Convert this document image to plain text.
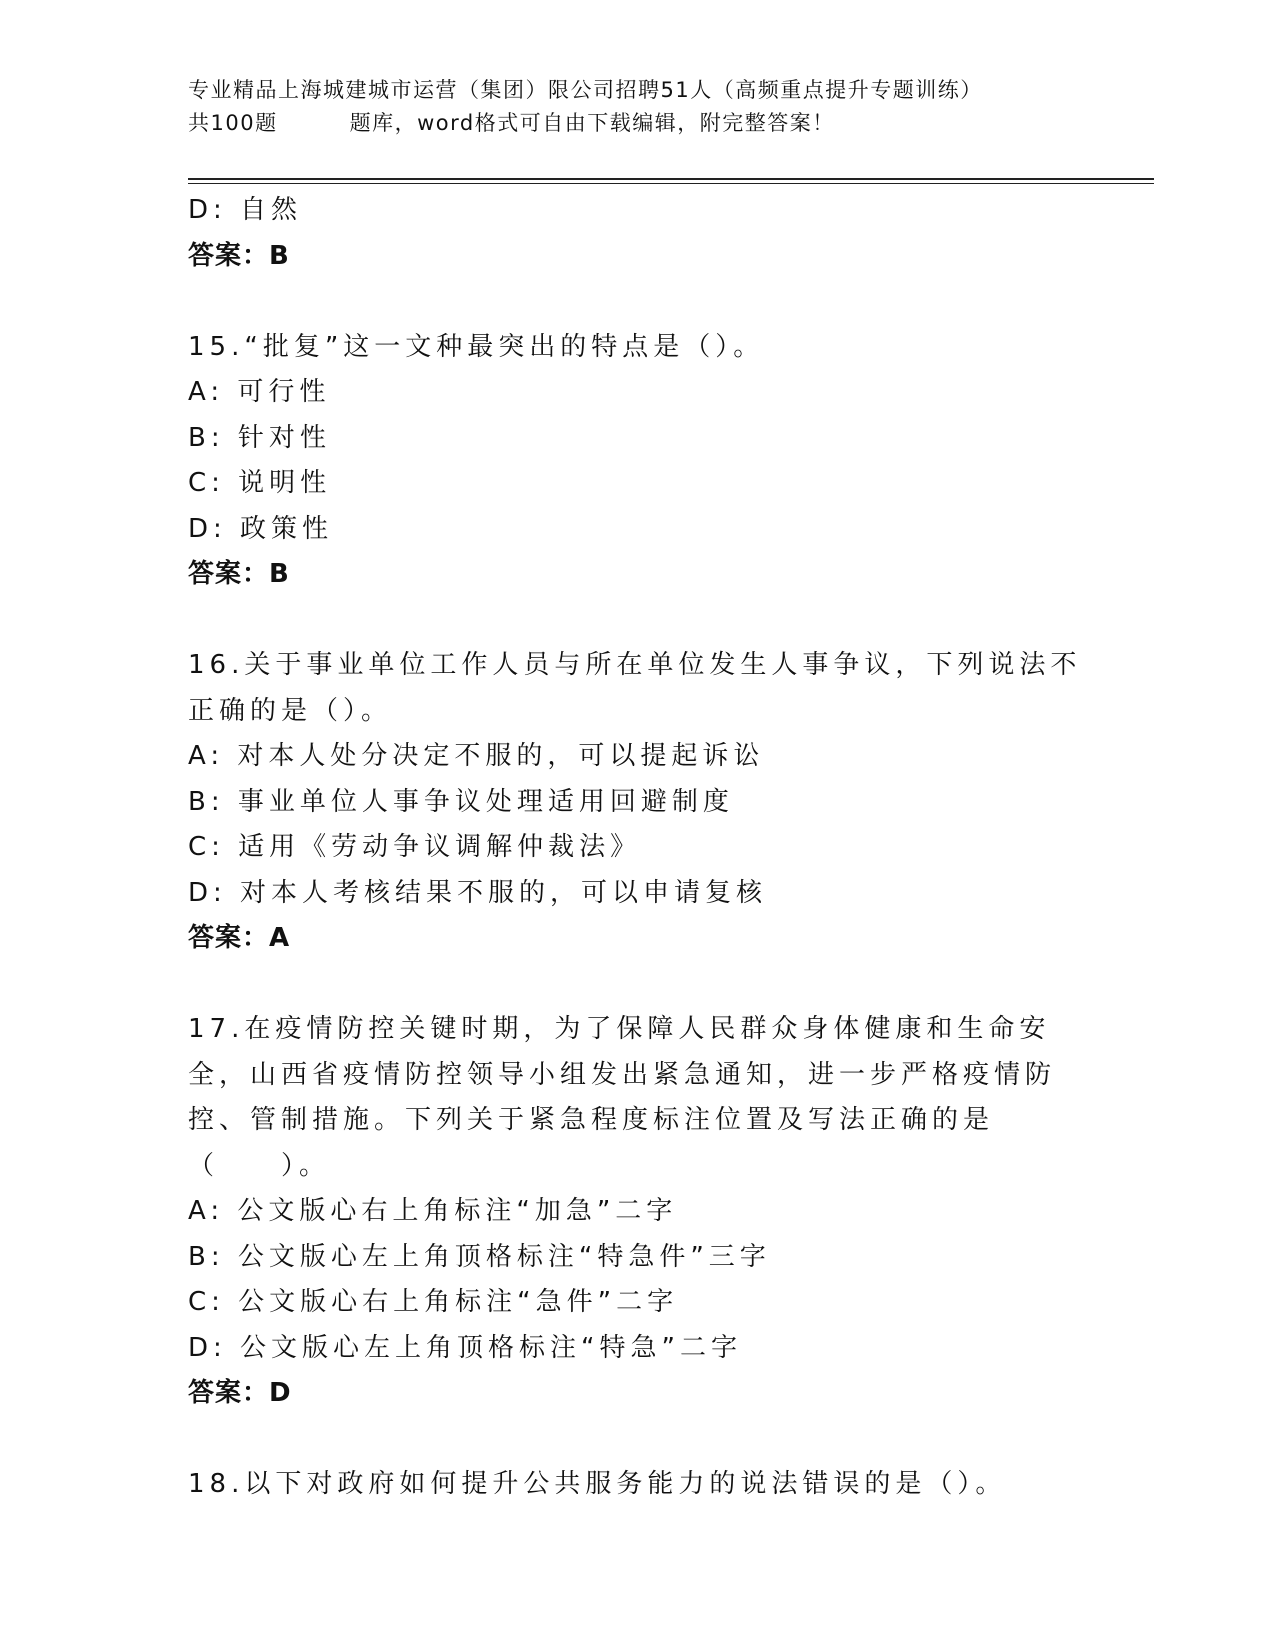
专业精品上海城建城市运营（集团）限公司招聘51人（高频重点提升专题训练）
共100题	题库，word格式可自由下载编辑，附完整答案！
D: 自然
答案：B
15.“批复”这一文种最突出的特点是（）。
A: 可行性
B: 针对性
C: 说明性
D: 政策性
答案：B
16.关于事业单位工作人员与所在单位发生人事争议，下列说法不正确的是（）。
A: 对本人处分决定不服的，可以提起诉讼
B: 事业单位人事争议处理适用回避制度
C: 适用《劳动争议调解仲裁法》
D: 对本人考核结果不服的，可以申请复核
答案：A
17.在疫情防控关键时期，为了保障人民群众身体健康和生命安全，山西省疫情防控领导小组发出紧急通知，进一步严格疫情防控、管制措施。下列关于紧急程度标注位置及写法正确的是（　　）。
A: 公文版心右上角标注“加急”二字
B: 公文版心左上角顶格标注“特急件”三字
C: 公文版心右上角标注“急件”二字
D: 公文版心左上角顶格标注“特急”二字
答案：D
18.以下对政府如何提升公共服务能力的说法错误的是（）。
